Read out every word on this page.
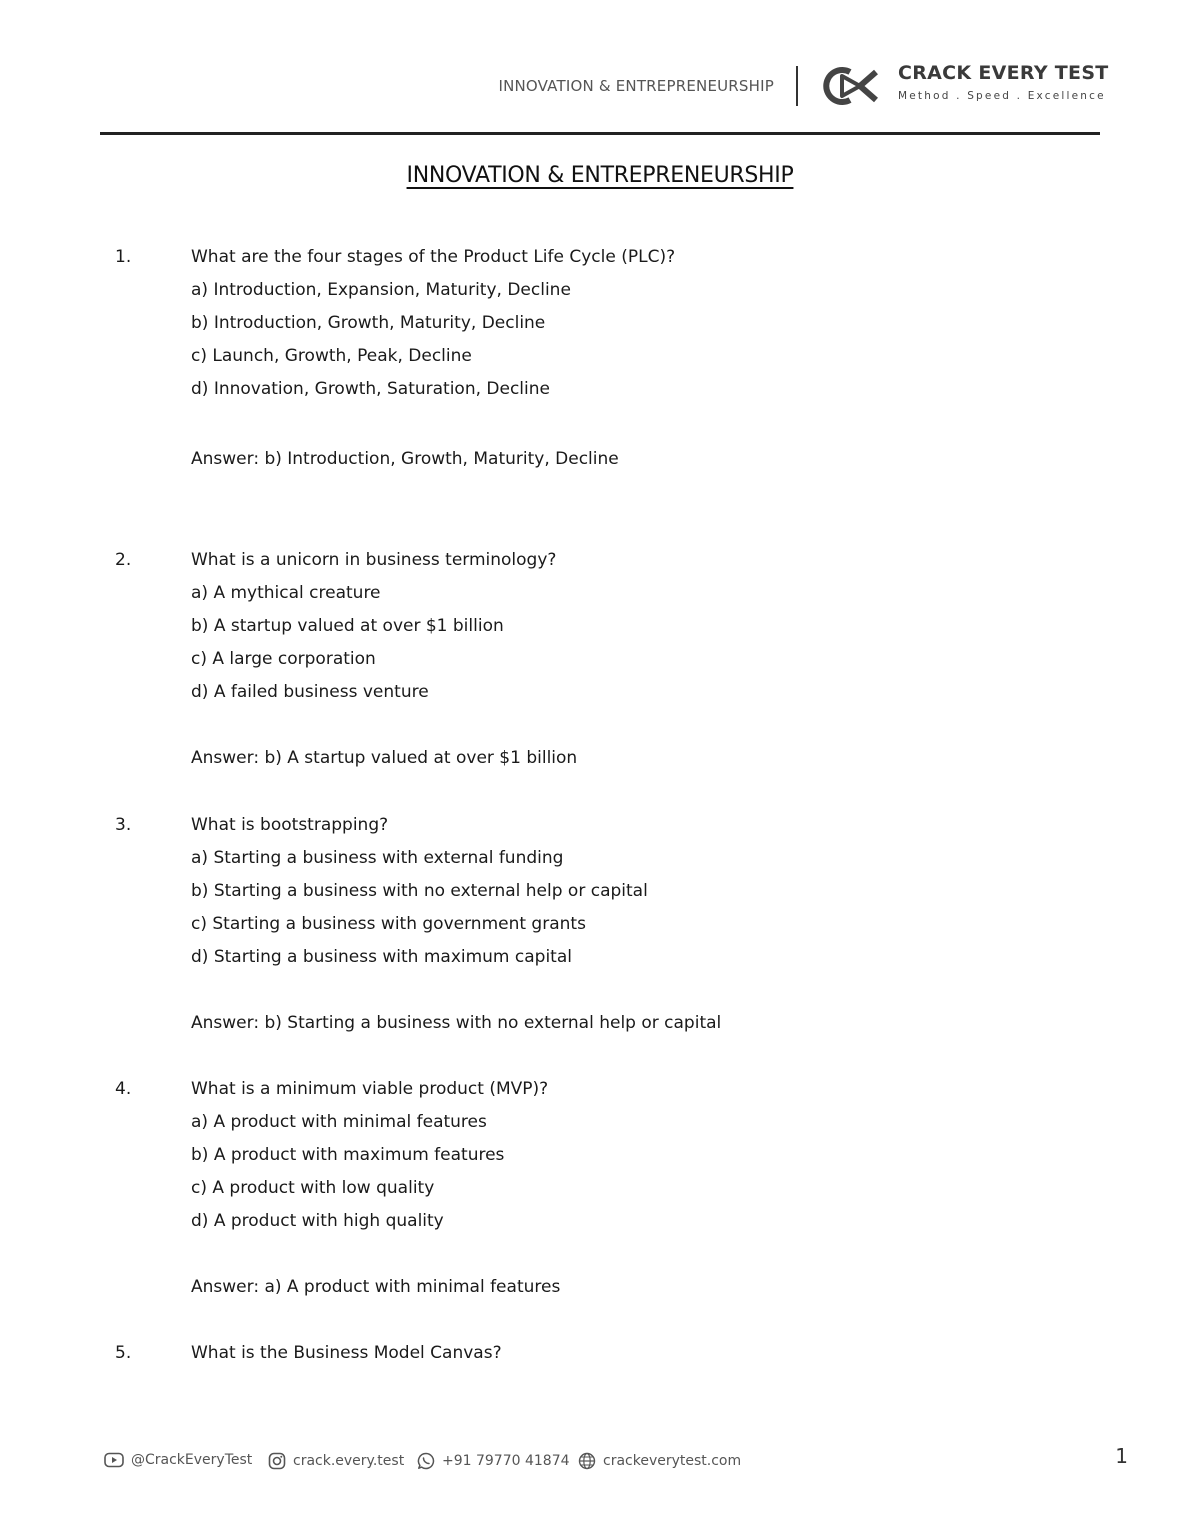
INNOVATION & ENTREPRENEURSHIP
CRACK EVERY TEST
Method . Speed . Excellence
INNOVATION & ENTREPRENEURSHIP
1.	What are the four stages of the Product Life Cycle (PLC)?
a) Introduction, Expansion, Maturity, Decline
b) Introduction, Growth, Maturity, Decline
c) Launch, Growth, Peak, Decline
d) Innovation, Growth, Saturation, Decline
Answer: b) Introduction, Growth, Maturity, Decline
2.	What is a unicorn in business terminology?
a) A mythical creature
b) A startup valued at over $1 billion
c) A large corporation
d) A failed business venture
Answer: b) A startup valued at over $1 billion
3.	What is bootstrapping?
a) Starting a business with external funding
b) Starting a business with no external help or capital
c) Starting a business with government grants
d) Starting a business with maximum capital
Answer: b) Starting a business with no external help or capital
4.	What is a minimum viable product (MVP)?
a) A product with minimal features
b) A product with maximum features
c) A product with low quality
d) A product with high quality
Answer: a) A product with minimal features
5.	What is the Business Model Canvas?
@CrackEveryTest	crack.every.test	+91 79770 41874 crackeverytest.com	1
